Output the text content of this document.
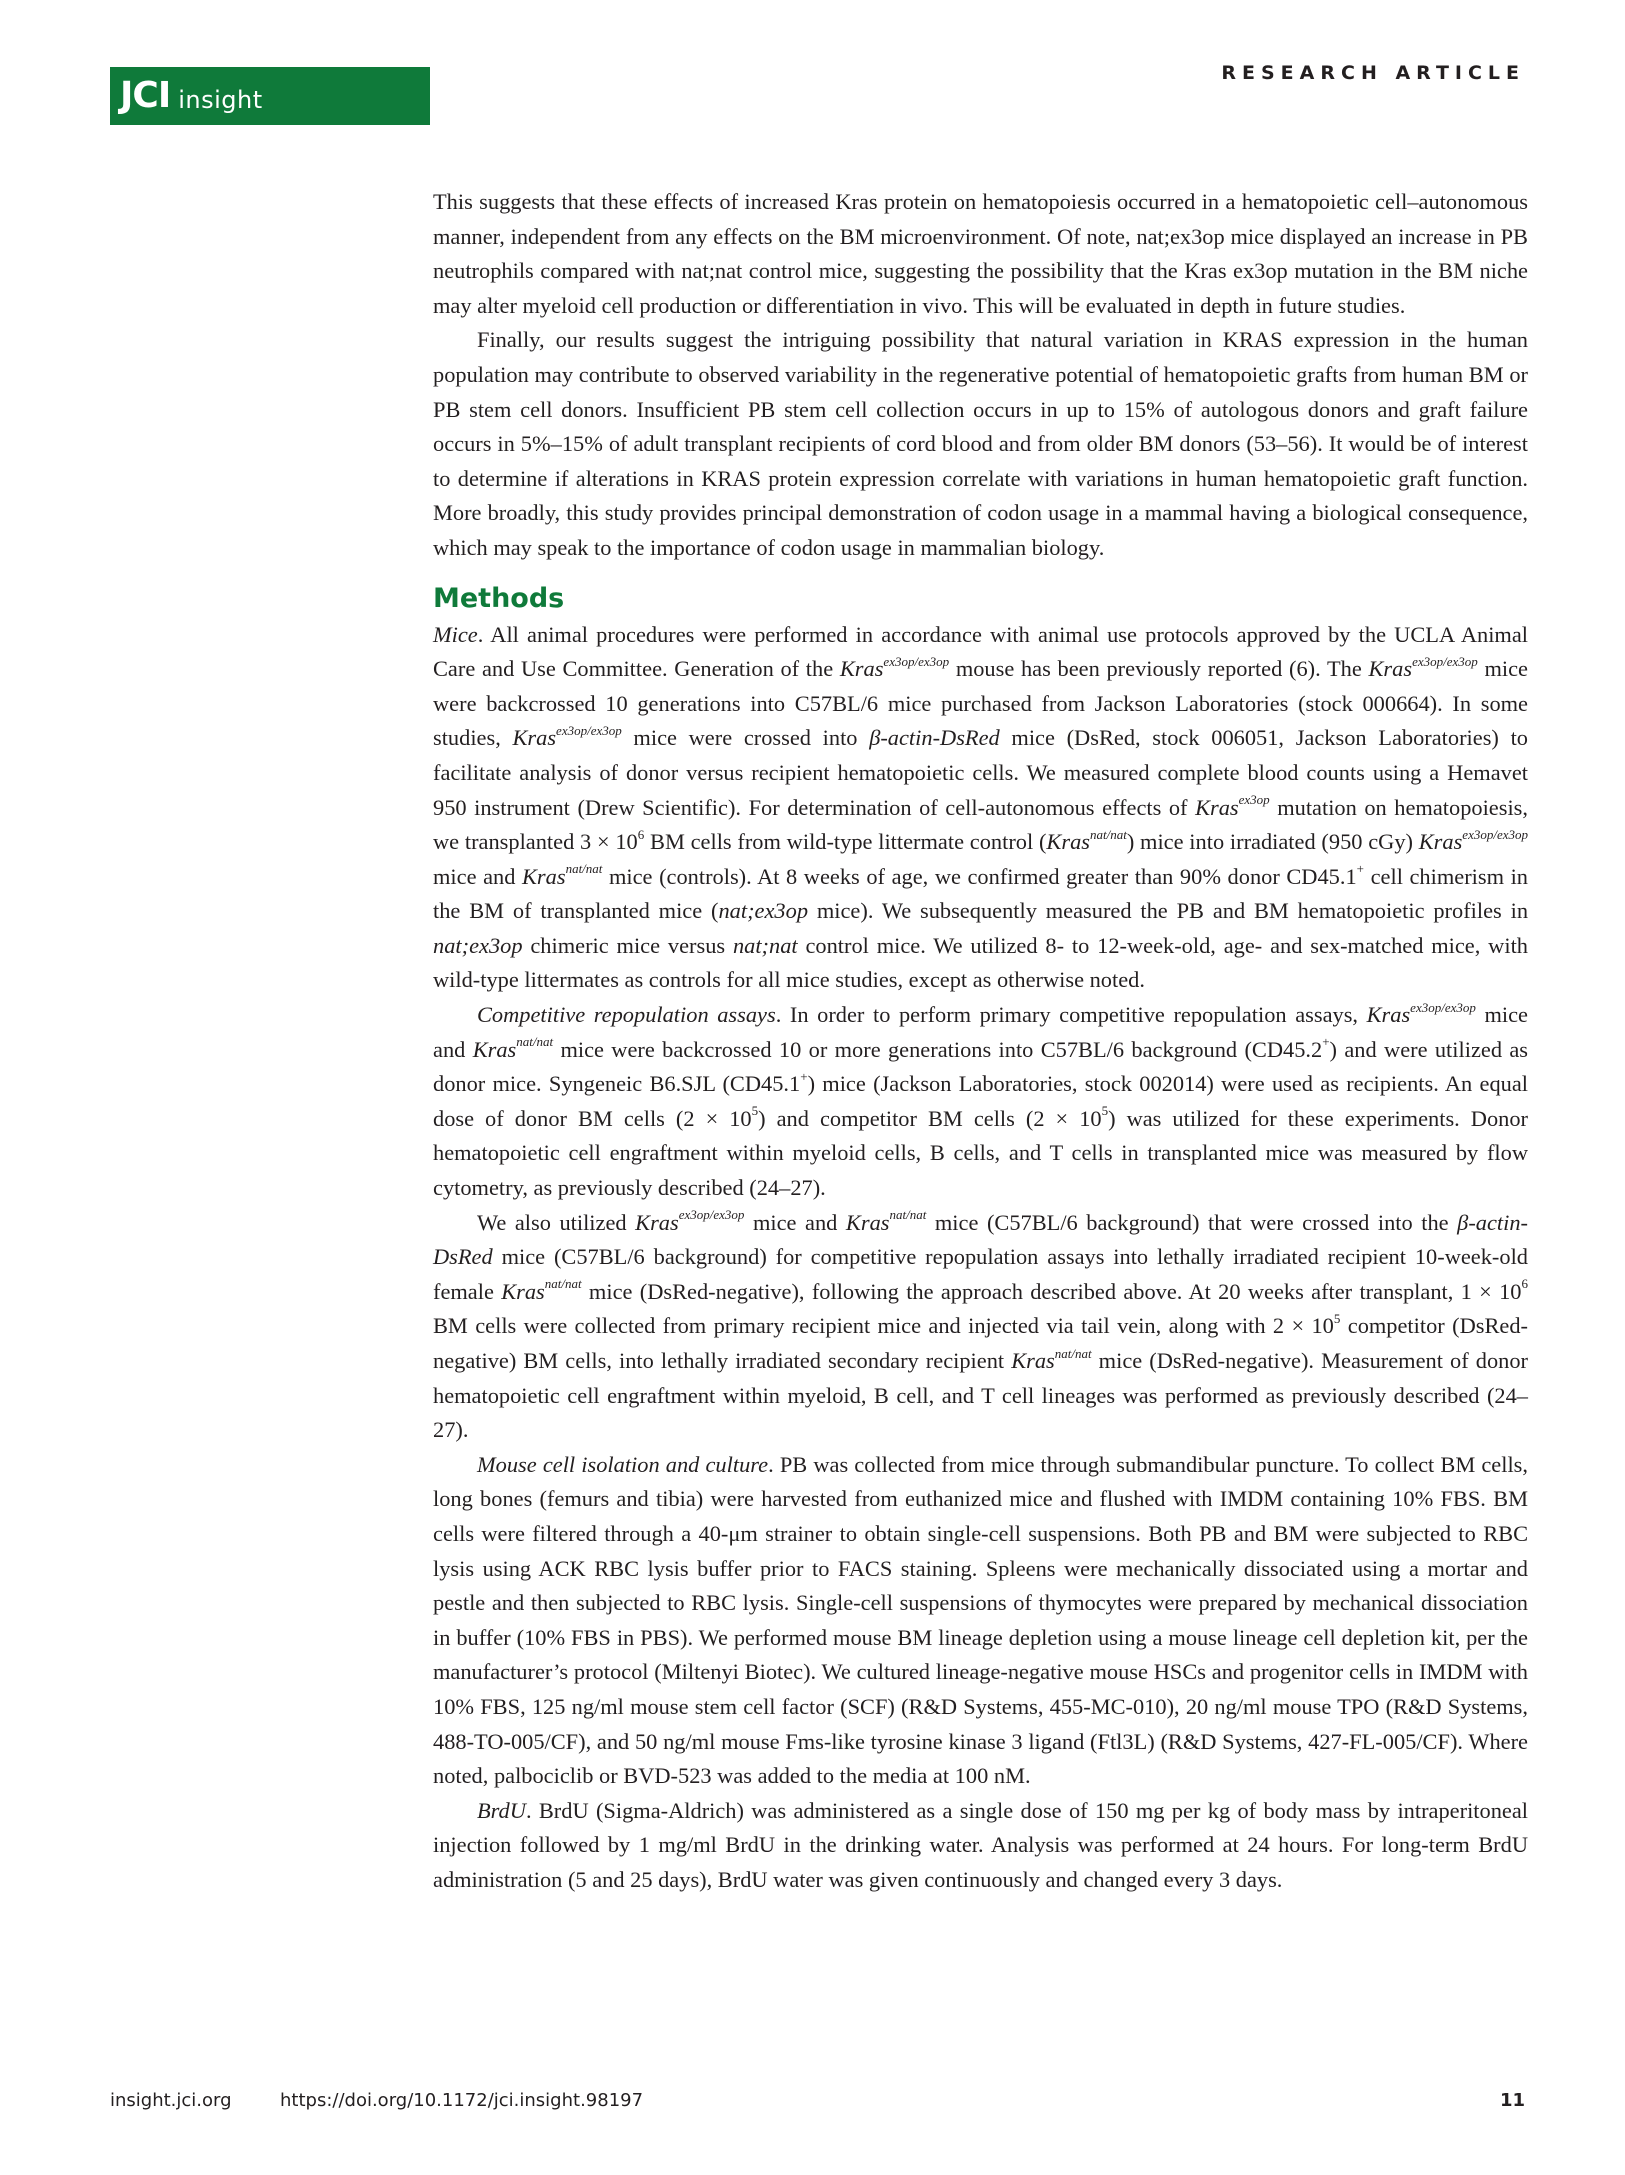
JCI insight
RESEARCH ARTICLE

This suggests that these effects of increased Kras protein on hematopoiesis occurred in a hematopoietic cell–autonomous manner, independent from any effects on the BM microenvironment. Of note, nat;ex3op mice displayed an increase in PB neutrophils compared with nat;nat control mice, suggesting the possibility that the Kras ex3op mutation in the BM niche may alter myeloid cell production or differentiation in vivo. This will be evaluated in depth in future studies.

Finally, our results suggest the intriguing possibility that natural variation in KRAS expression in the human population may contribute to observed variability in the regenerative potential of hematopoietic grafts from human BM or PB stem cell donors. Insufficient PB stem cell collection occurs in up to 15% of autologous donors and graft failure occurs in 5%–15% of adult transplant recipients of cord blood and from older BM donors (53–56). It would be of interest to determine if alterations in KRAS protein expression correlate with variations in human hematopoietic graft function. More broadly, this study provides principal demonstration of codon usage in a mammal having a biological consequence, which may speak to the importance of codon usage in mammalian biology.

Methods

Mice. All animal procedures were performed in accordance with animal use protocols approved by the UCLA Animal Care and Use Committee. Generation of the Kras$^{ex3op/ex3op}$ mouse has been previously reported (6). The Kras$^{ex3op/ex3op}$ mice were backcrossed 10 generations into C57BL/6 mice purchased from Jackson Laboratories (stock 000664). In some studies, Kras$^{ex3op/ex3op}$ mice were crossed into β-actin-DsRed mice (DsRed, stock 006051, Jackson Laboratories) to facilitate analysis of donor versus recipient hematopoietic cells. We measured complete blood counts using a Hemavet 950 instrument (Drew Scientific). For determination of cell-autonomous effects of Kras$^{ex3op}$ mutation on hematopoiesis, we transplanted $3 \times 10^6$ BM cells from wild-type littermate control (Kras$^{nat/nat}$) mice into irradiated (950 cGy) Kras$^{ex3op/ex3op}$ mice and Kras$^{nat/nat}$ mice (controls). At 8 weeks of age, we confirmed greater than 90% donor CD45.1+ cell chimerism in the BM of transplanted mice (nat;ex3op mice). We subsequently measured the PB and BM hematopoietic profiles in nat;ex3op chimeric mice versus nat;nat control mice. We utilized 8- to 12-week-old, age- and sex-matched mice, with wild-type littermates as controls for all mice studies, except as otherwise noted.

Competitive repopulation assays. In order to perform primary competitive repopulation assays, Kras$^{ex3op/ex3op}$ mice and Kras$^{nat/nat}$ mice were backcrossed 10 or more generations into C57BL/6 background (CD45.2+) and were utilized as donor mice. Syngeneic B6.SJL (CD45.1+) mice (Jackson Laboratories, stock 002014) were used as recipients. An equal dose of donor BM cells $(2 \times 10^5)$ and competitor BM cells $(2 \times 10^5)$ was utilized for these experiments. Donor hematopoietic cell engraftment within myeloid cells, B cells, and T cells in transplanted mice was measured by flow cytometry, as previously described (24–27).

We also utilized Kras$^{ex3op/ex3op}$ mice and Kras$^{nat/nat}$ mice (C57BL/6 background) that were crossed into the β-actin-DsRed mice (C57BL/6 background) for competitive repopulation assays into lethally irradiated recipient 10-week-old female Kras$^{nat/nat}$ mice (DsRed-negative), following the approach described above. At 20 weeks after transplant, $1 \times 10^6$ BM cells were collected from primary recipient mice and injected via tail vein, along with $2 \times 10^5$ competitor (DsRed-negative) BM cells, into lethally irradiated secondary recipient Kras$^{nat/nat}$ mice (DsRed-negative). Measurement of donor hematopoietic cell engraftment within myeloid, B cell, and T cell lineages was performed as previously described (24–27).

Mouse cell isolation and culture. PB was collected from mice through submandibular puncture. To collect BM cells, long bones (femurs and tibia) were harvested from euthanized mice and flushed with IMDM containing 10% FBS. BM cells were filtered through a 40-μm strainer to obtain single-cell suspensions. Both PB and BM were subjected to RBC lysis using ACK RBC lysis buffer prior to FACS staining. Spleens were mechanically dissociated using a mortar and pestle and then subjected to RBC lysis. Single-cell suspensions of thymocytes were prepared by mechanical dissociation in buffer (10% FBS in PBS). We performed mouse BM lineage depletion using a mouse lineage cell depletion kit, per the manufacturer’s protocol (Miltenyi Biotec). We cultured lineage-negative mouse HSCs and progenitor cells in IMDM with 10% FBS, 125 ng/ml mouse stem cell factor (SCF) (R&D Systems, 455-MC-010), 20 ng/ml mouse TPO (R&D Systems, 488-TO-005/CF), and 50 ng/ml mouse Fms-like tyrosine kinase 3 ligand (Ftl3L) (R&D Systems, 427-FL-005/CF). Where noted, palbociclib or BVD-523 was added to the media at 100 nM.

BrdU. BrdU (Sigma-Aldrich) was administered as a single dose of 150 mg per kg of body mass by intraperitoneal injection followed by 1 mg/ml BrdU in the drinking water. Analysis was performed at 24 hours. For long-term BrdU administration (5 and 25 days), BrdU water was given continuously and changed every 3 days.

insight.jci.org	https://doi.org/10.1172/jci.insight.98197	11
